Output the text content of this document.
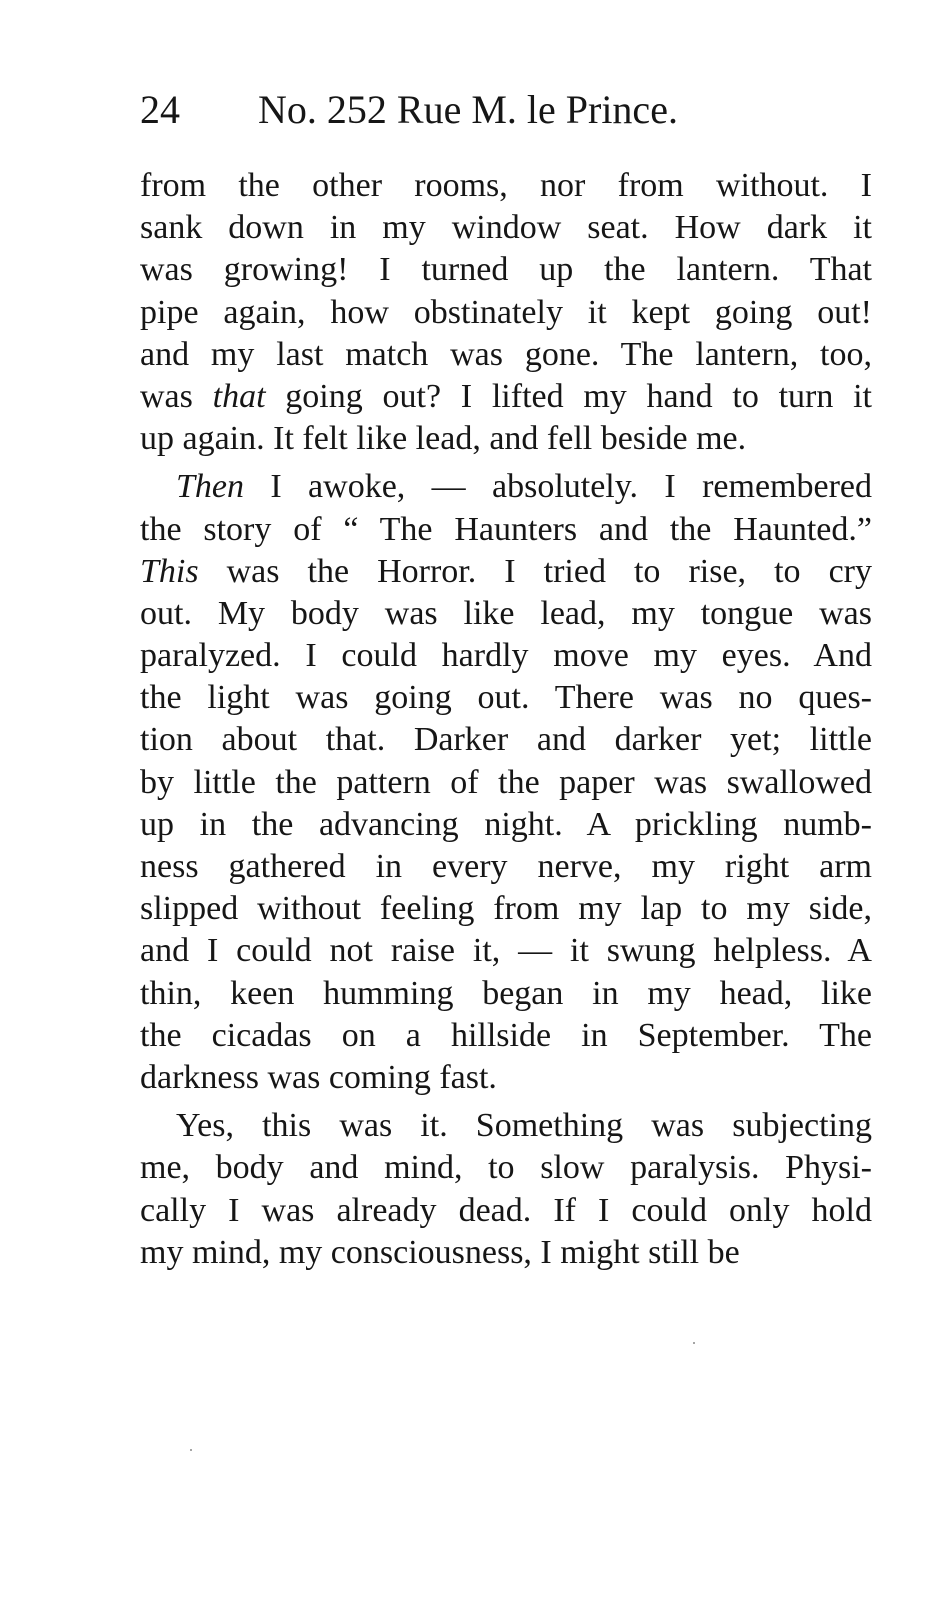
24 No. 252 Rue M. le Prince.
from the other rooms, nor from without. I
sank down in my window seat. How dark it
was growing! I turned up the lantern. That
pipe again, how obstinately it kept going out!
and my last match was gone. The lantern, too,
was that going out? I lifted my hand to turn it
up again. It felt like lead, and fell beside me.
Then I awoke, — absolutely. I remembered
the story of “ The Haunters and the Haunted.”
This was the Horror. I tried to rise, to cry
out. My body was like lead, my tongue was
paralyzed. I could hardly move my eyes. And
the light was going out. There was no ques-
tion about that. Darker and darker yet; little
by little the pattern of the paper was swallowed
up in the advancing night. A prickling numb-
ness gathered in every nerve, my right arm
slipped without feeling from my lap to my side,
and I could not raise it, — it swung helpless. A
thin, keen humming began in my head, like
the cicadas on a hillside in September. The
darkness was coming fast.
Yes, this was it. Something was subjecting
me, body and mind, to slow paralysis. Physi-
cally I was already dead. If I could only hold
my mind, my consciousness, I might still be
